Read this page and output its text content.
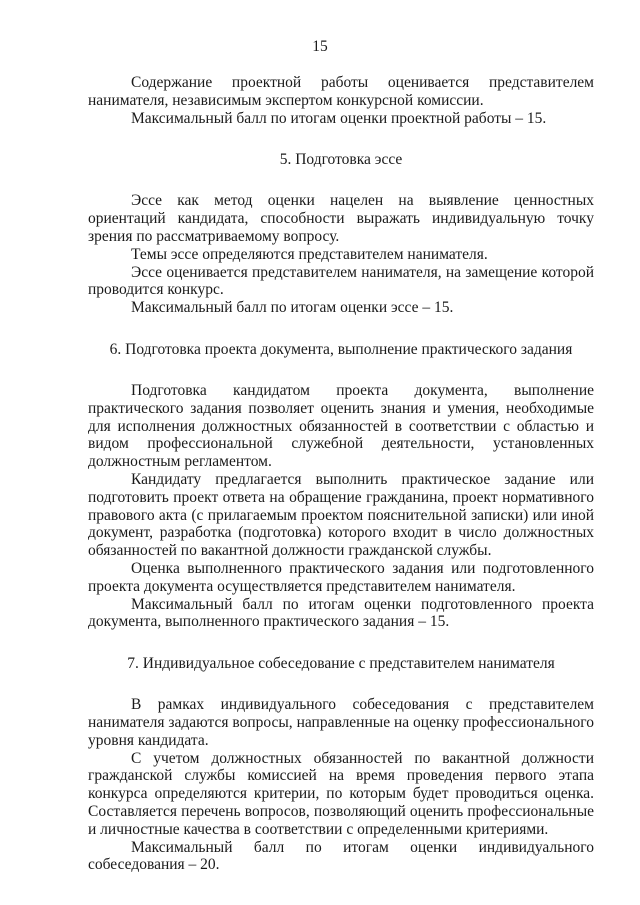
15

Содержание проектной работы оценивается представителем нанимателя, независимым экспертом конкурсной комиссии.

Максимальный балл по итогам оценки проектной работы – 15.

5. Подготовка эссе

Эссе как метод оценки нацелен на выявление ценностных ориентаций кандидата, способности выражать индивидуальную точку зрения по рассматриваемому вопросу.

Темы эссе определяются представителем нанимателя.

Эссе оценивается представителем нанимателя, на замещение которой проводится конкурс.

Максимальный балл по итогам оценки эссе – 15.

6. Подготовка проекта документа, выполнение практического задания

Подготовка кандидатом проекта документа, выполнение практического задания позволяет оценить знания и умения, необходимые для исполнения должностных обязанностей в соответствии с областью и видом профессиональной служебной деятельности, установленных должностным регламентом.

Кандидату предлагается выполнить практическое задание или подготовить проект ответа на обращение гражданина, проект нормативного правового акта (с прилагаемым проектом пояснительной записки) или иной документ, разработка (подготовка) которого входит в число должностных обязанностей по вакантной должности гражданской службы.

Оценка выполненного практического задания или подготовленного проекта документа осуществляется представителем нанимателя.

Максимальный балл по итогам оценки подготовленного проекта документа, выполненного практического задания – 15.

7. Индивидуальное собеседование с представителем нанимателя

В рамках индивидуального собеседования с представителем нанимателя задаются вопросы, направленные на оценку профессионального уровня кандидата.

С учетом должностных обязанностей по вакантной должности гражданской службы комиссией на время проведения первого этапа конкурса определяются критерии, по которым будет проводиться оценка. Составляется перечень вопросов, позволяющий оценить профессиональные и личностные качества в соответствии с определенными критериями.

Максимальный балл по итогам оценки индивидуального собеседования – 20.
